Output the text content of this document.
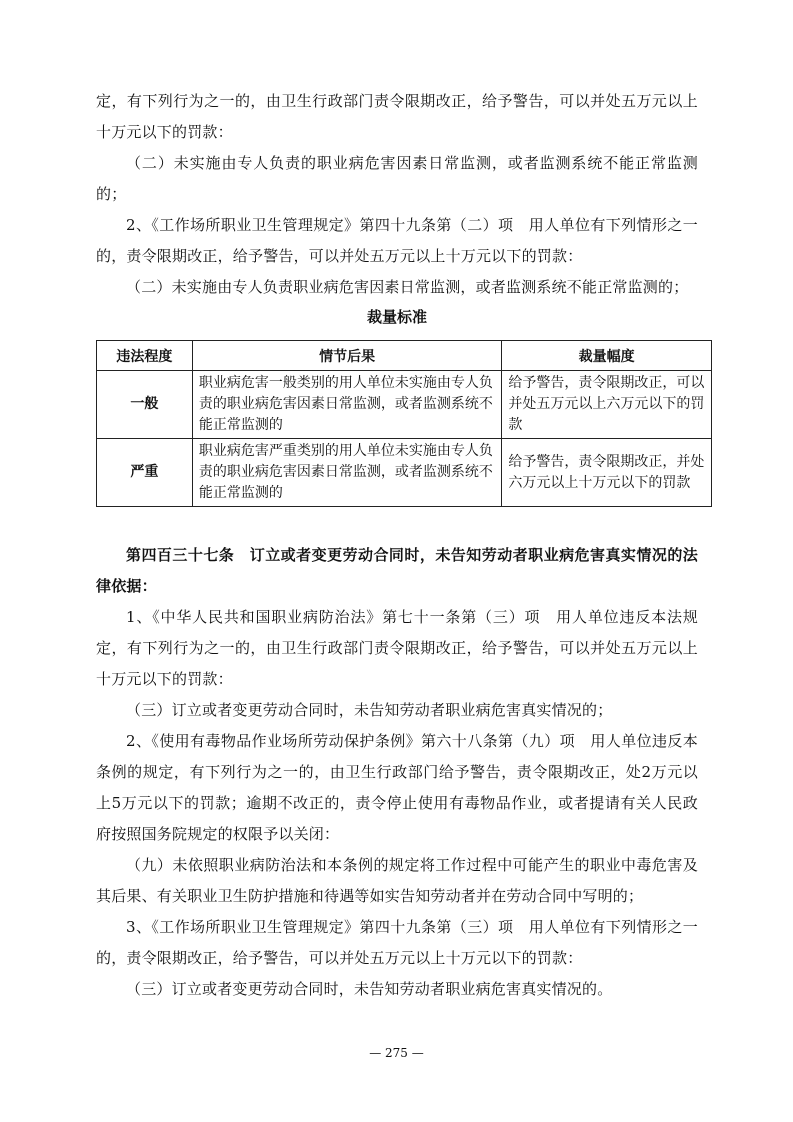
定，有下列行为之一的，由卫生行政部门责令限期改正，给予警告，可以并处五万元以上十万元以下的罚款：

（二）未实施由专人负责的职业病危害因素日常监测，或者监测系统不能正常监测的；

2、《工作场所职业卫生管理规定》第四十九条第（二）项　用人单位有下列情形之一的，责令限期改正，给予警告，可以并处五万元以上十万元以下的罚款：

（二）未实施由专人负责职业病危害因素日常监测，或者监测系统不能正常监测的；

裁量标准

违法程度	情节后果	裁量幅度
一般	职业病危害一般类别的用人单位未实施由专人负责的职业病危害因素日常监测，或者监测系统不能正常监测的	给予警告，责令限期改正，可以并处五万元以上六万元以下的罚款
严重	职业病危害严重类别的用人单位未实施由专人负责的职业病危害因素日常监测，或者监测系统不能正常监测的	给予警告，责令限期改正，并处六万元以上十万元以下的罚款

第四百三十七条　订立或者变更劳动合同时，未告知劳动者职业病危害真实情况的法律依据：

1、《中华人民共和国职业病防治法》第七十一条第（三）项　用人单位违反本法规定，有下列行为之一的，由卫生行政部门责令限期改正，给予警告，可以并处五万元以上十万元以下的罚款：

（三）订立或者变更劳动合同时，未告知劳动者职业病危害真实情况的；

2、《使用有毒物品作业场所劳动保护条例》第六十八条第（九）项　用人单位违反本条例的规定，有下列行为之一的，由卫生行政部门给予警告，责令限期改正，处2万元以上5万元以下的罚款；逾期不改正的，责令停止使用有毒物品作业，或者提请有关人民政府按照国务院规定的权限予以关闭：

（九）未依照职业病防治法和本条例的规定将工作过程中可能产生的职业中毒危害及其后果、有关职业卫生防护措施和待遇等如实告知劳动者并在劳动合同中写明的；

3、《工作场所职业卫生管理规定》第四十九条第（三）项　用人单位有下列情形之一的，责令限期改正，给予警告，可以并处五万元以上十万元以下的罚款：

（三）订立或者变更劳动合同时，未告知劳动者职业病危害真实情况的。

— 275 —
